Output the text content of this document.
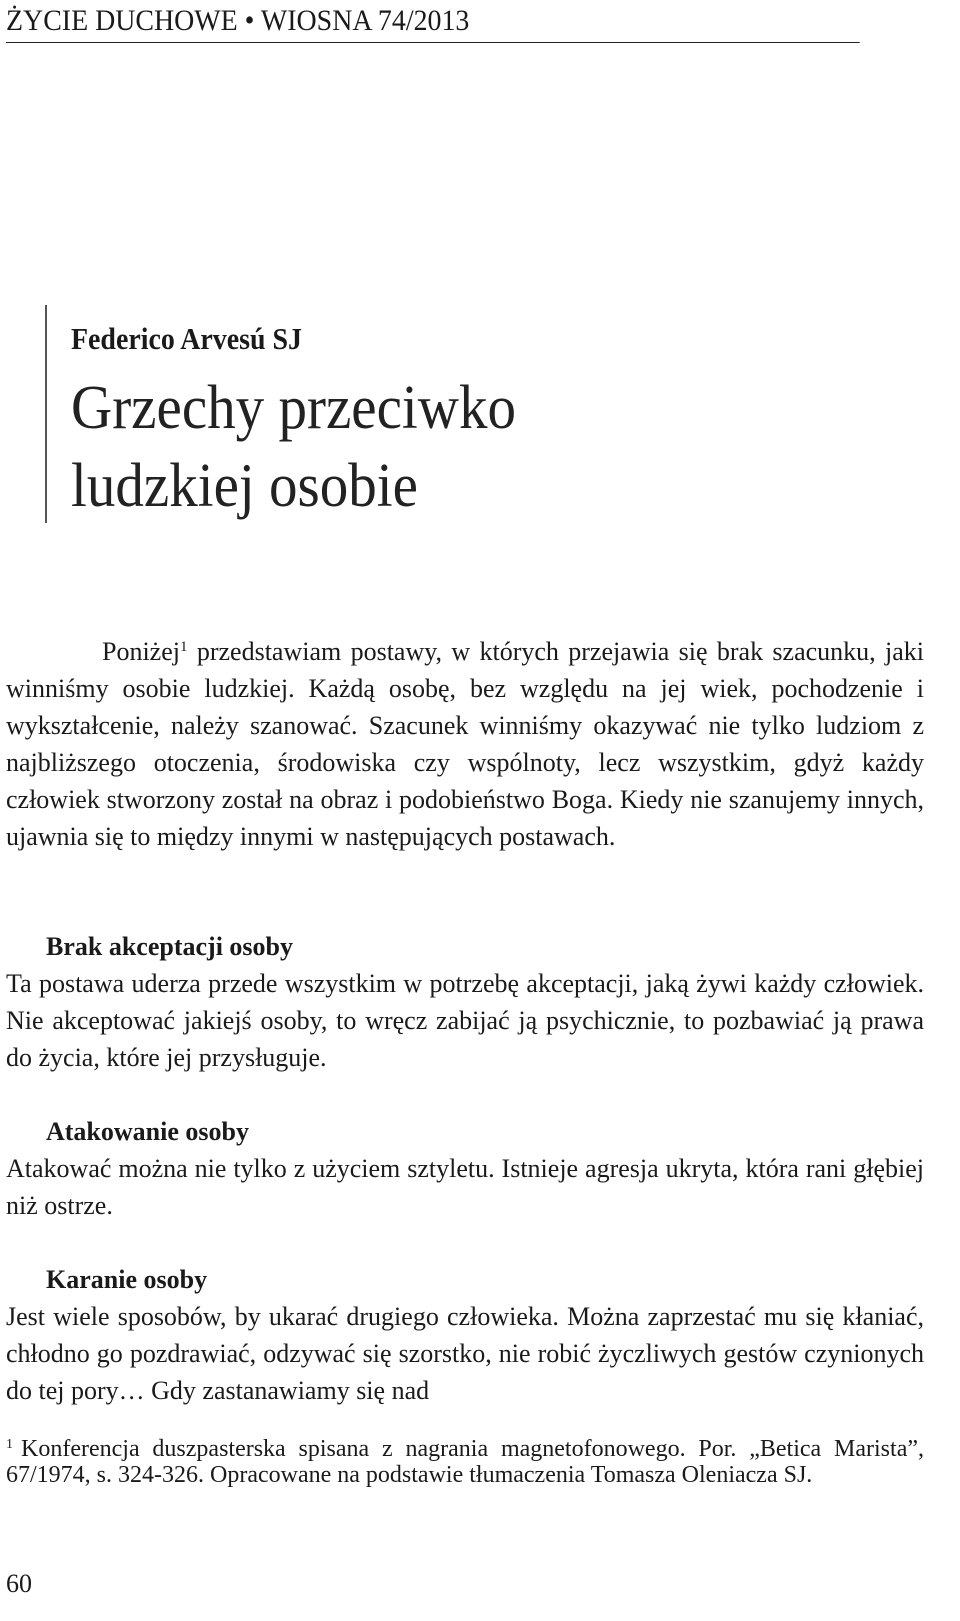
ŻYCIE DUCHOWE • WIOSNA 74/2013
Federico Arvesú SJ
Grzechy przeciwko
ludzkiej osobie

Poniżej$^1$ przedstawiam postawy, w których przejawia się brak szacunku, jaki winniśmy osobie ludzkiej. Każdą osobę, bez względu na jej wiek, pochodzenie i wykształcenie, należy szanować. Szacunek winniśmy okazywać nie tylko ludziom z najbliższego otoczenia, środowiska czy wspólnoty, lecz wszystkim, gdyż każdy człowiek stworzony został na obraz i podobieństwo Boga. Kiedy nie szanujemy innych, ujawnia się to między innymi w następujących postawach.

Brak akceptacji osoby

Ta postawa uderza przede wszystkim w potrzebę akceptacji, jaką żywi każdy człowiek. Nie akceptować jakiejś osoby, to wręcz zabijać ją psychicznie, to pozbawiać ją prawa do życia, które jej przysługuje.

Atakowanie osoby

Atakować można nie tylko z użyciem sztyletu. Istnieje agresja ukryta, która rani głębiej niż ostrze.

Karanie osoby

Jest wiele sposobów, by ukarać drugiego człowieka. Można zaprzestać mu się kłaniać, chłodno go pozdrawiać, odzywać się szorstko, nie robić życzliwych gestów czynionych do tej pory… Gdy zastanawiamy się nad

$^1$ Konferencja duszpasterska spisana z nagrania magnetofonowego. Por. „Betica Marista”, 67/1974, s. 324-326. Opracowane na podstawie tłumaczenia Tomasza Oleniacza SJ.
60
